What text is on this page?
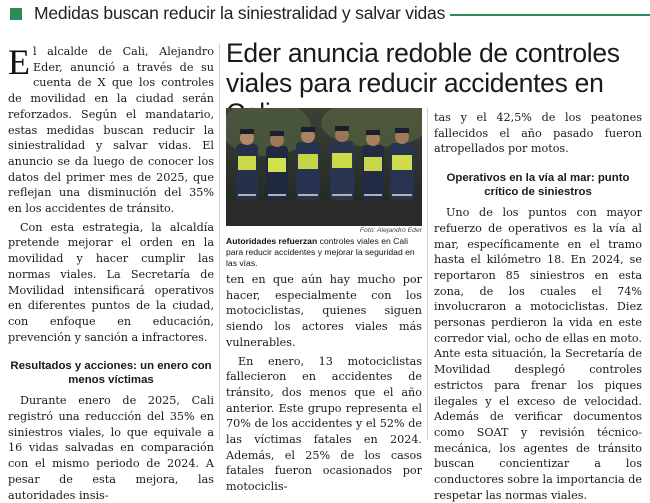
Medidas buscan reducir la siniestralidad y salvar vidas

El alcalde de Cali, Alejandro Eder, anunció a través de su cuenta de X que los controles de movilidad en la ciudad serán reforzados. Según el mandatario, estas medidas buscan reducir la siniestralidad y salvar vidas. El anuncio se da luego de conocer los datos del primer mes de 2025, que reflejan una disminución del 35% en los accidentes de tránsito.

Con esta estrategia, la alcaldía pretende mejorar el orden en la movilidad y hacer cumplir las normas viales. La Secretaría de Movilidad intensificará operativos en diferentes puntos de la ciudad, con enfoque en educación, prevención y sanción a infractores.

Resultados y acciones: un enero con menos víctimas

Durante enero de 2025, Cali registró una reducción del 35% en siniestros viales, lo que equivale a 16 vidas salvadas en comparación con el mismo periodo de 2024. A pesar de esta mejora, las autoridades insis-

Eder anuncia redoble de controles viales para reducir accidentes en
Foto: Alejandro Eder
Autoridades refuerzan controles viales en Cali para reducir accidentes y mejorar la seguridad en las vías.

ten en que aún hay mucho por hacer, especialmente con los motociclistas, quienes siguen siendo los actores viales más vulnerables.

En enero, 13 motociclistas fallecieron en accidentes de tránsito, dos menos que el año anterior. Este grupo representa el 70% de los accidentes y el 52% de las víctimas fatales en 2024. Además, el 25% de los casos fatales fueron ocasionados por motociclis-

tas y el 42,5% de los peatones fallecidos el año pasado fueron atropellados por motos.

Operativos en la vía al mar: punto crítico de siniestros

Uno de los puntos con mayor refuerzo de operativos es la vía al mar, específicamente en el tramo hasta el kilómetro 18. En 2024, se reportaron 85 siniestros en esta zona, de los cuales el 74% involucraron a motociclistas. Diez personas perdieron la vida en este corredor vial, ocho de ellas en moto. Ante esta situación, la Secretaría de Movilidad desplegó controles estrictos para frenar los piques ilegales y el exceso de velocidad. Además de verificar documentos como SOAT y revisión técnico-mecánica, los agentes de tránsito buscan concientizar a los conductores sobre la importancia de respetar las normas viales.
